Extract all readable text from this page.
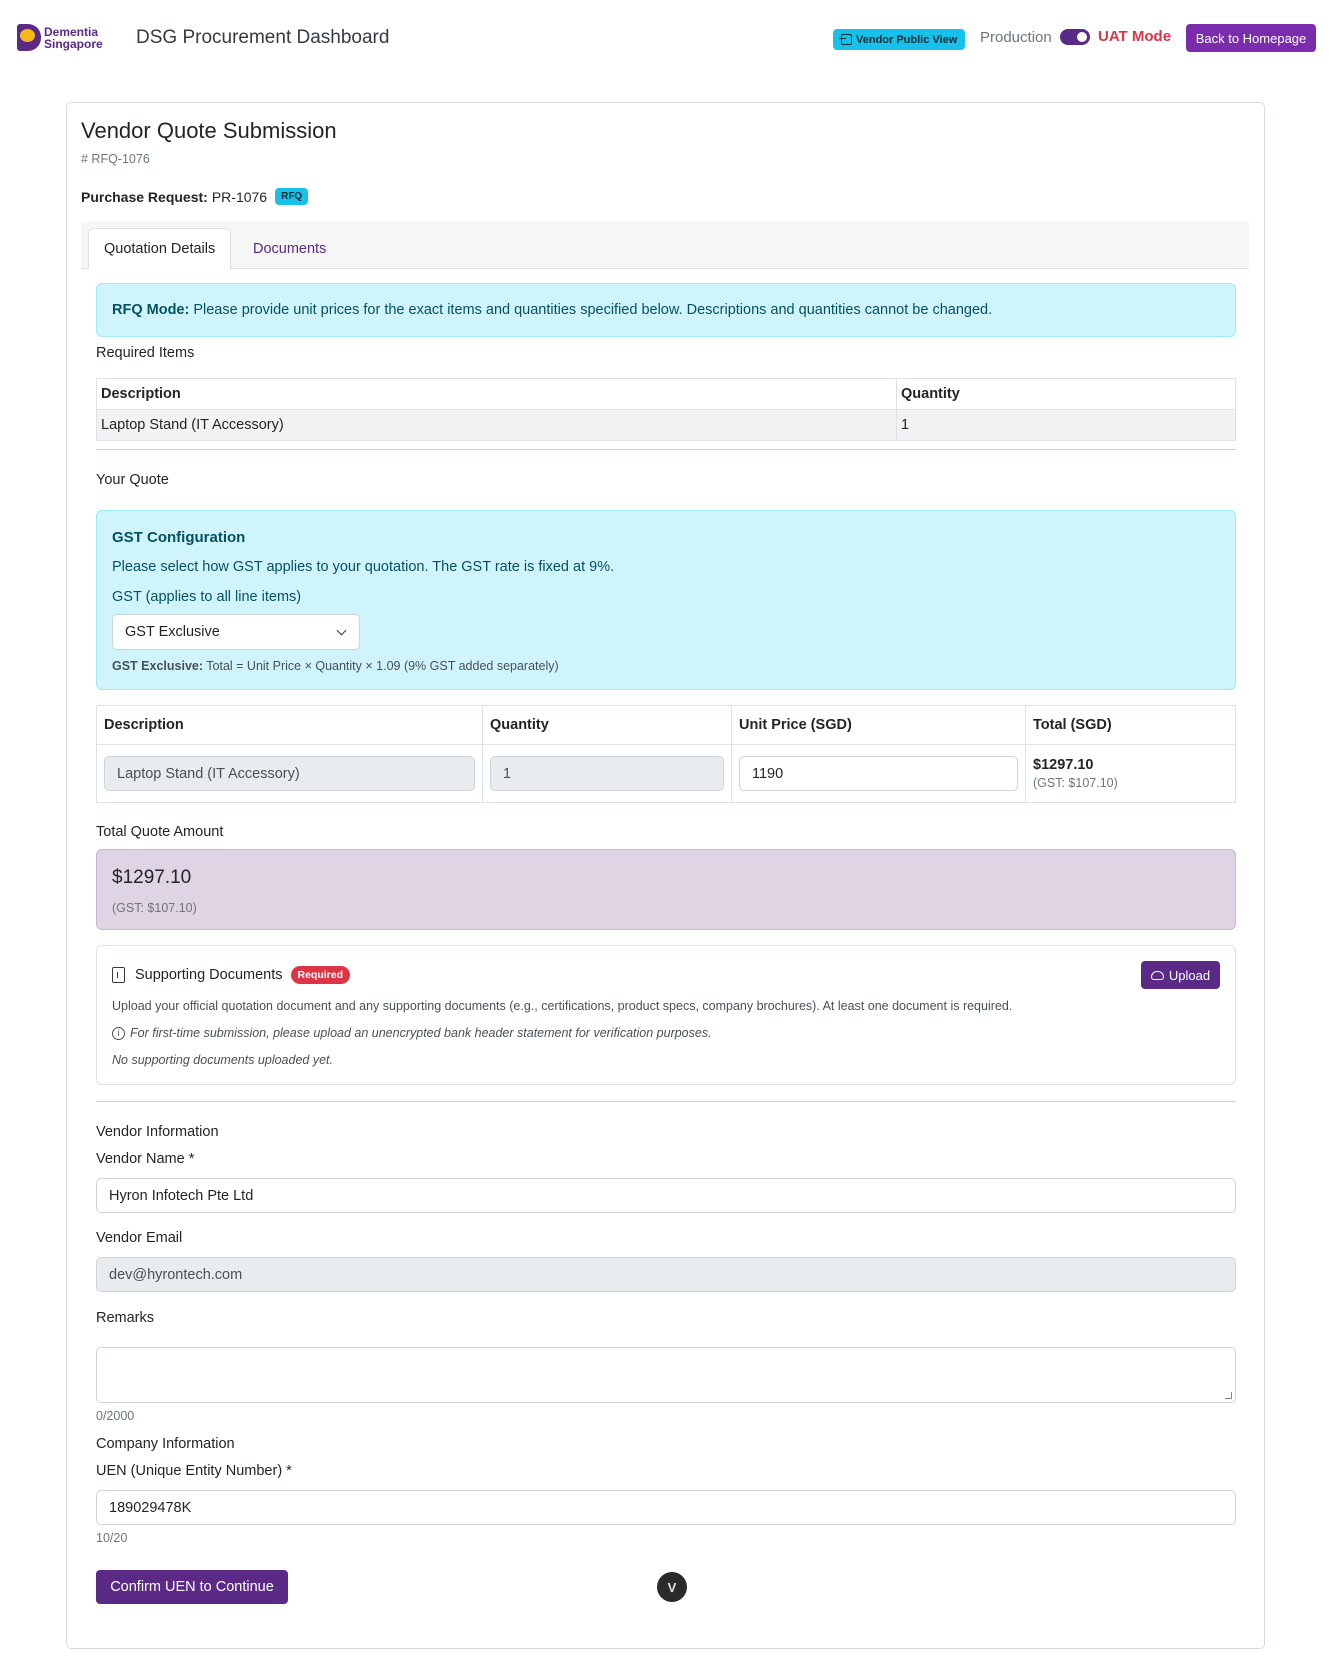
Dementia
Singapore DSG Procurement Dashboard	Vendor Public View Production	UAT Mode	Back to Homepage
Vendor Quote Submission
# RFQ-1076
Purchase Request: PR-1076	RFQ
Quotation Details	Documents
RFQ Mode: Please provide unit prices for the exact items and quantities specified below. Descriptions and quantities cannot be changed.
Required Items
Description	Quantity
Laptop Stand (IT Accessory)	1
Your Quote
GST Configuration
Please select how GST applies to your quotation. The GST rate is fixed at 9%.
GST (applies to all line items)
GST Exclusive
GST Exclusive: Total = Unit Price × Quantity × 1.09 (9% GST added separately)
Description	Quantity	Unit Price (SGD)	Total (SGD)

Laptop Stand (IT Accessory)	1	1190	$1297.10
(GST: $107.10)
Total Quote Amount
$1297.10
(GST: $107.10)
Supporting Documents	Required	Upload
Upload your official quotation document and any supporting documents (e.g., certifications, product specs, company brochures). At least one document is required.
i For first-time submission, please upload an unencrypted bank header statement for verification purposes.
No supporting documents uploaded yet.
Vendor Information
Vendor Name *
Hyron Infotech Pte Ltd
Vendor Email
dev@hyrontech.com
Remarks
0/2000
Company Information
UEN (Unique Entity Number) *
189029478K
10/20
Confirm UEN to Continue	V
